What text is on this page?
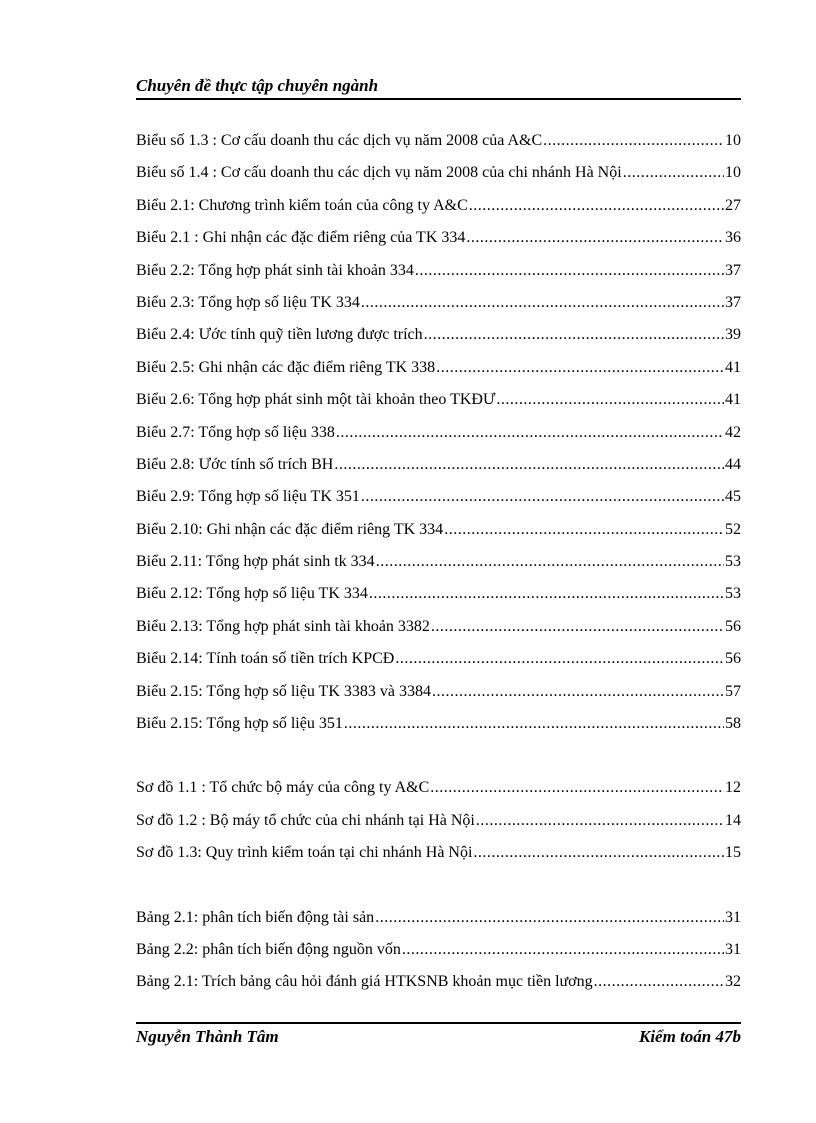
Chuyên đề thực tập chuyên ngành
Biểu số 1.3 : Cơ cấu doanh thu các dịch vụ năm 2008 của A&C .....	10
Biểu số 1.4 : Cơ cấu doanh thu các dịch vụ năm 2008 của chi nhánh Hà Nội .....	10
Biểu 2.1: Chương trình kiểm toán của công ty A&C .....	27
Biểu 2.1 : Ghi nhận các đặc điểm riêng của TK 334 .....	36
Biểu 2.2: Tổng hợp phát sinh tài khoản 334 .....	37
Biểu 2.3: Tổng hợp số liệu TK 334 .....	37
Biểu 2.4: Ước tính quỹ tiền lương được trích .....	39
Biểu 2.5: Ghi nhận các đặc điểm riêng TK 338 .....	41
Biểu 2.6: Tổng hợp phát sinh một tài khoản theo TKĐƯ .....	41
Biểu 2.7: Tổng hợp số liệu 338 .....	42
Biểu 2.8: Ước tính số trích BH .....	44
Biểu 2.9: Tổng hợp số liệu TK 351 .....	45
Biểu 2.10: Ghi nhận các đặc điểm riêng TK 334 .....	52
Biểu 2.11: Tổng hợp phát sinh tk 334 .....	53
Biểu 2.12: Tổng hợp số liệu TK 334 .....	53
Biểu 2.13: Tổng hợp phát sinh tài khoản 3382 .....	56
Biểu 2.14: Tính toán số tiền trích KPCĐ .....	56
Biểu 2.15: Tổng hợp số liệu TK 3383 và 3384 .....	57
Biểu 2.15: Tổng hợp số liệu 351 .....	58
Sơ đồ 1.1 : Tổ chức bộ máy của công ty A&C .....	12
Sơ đồ 1.2 : Bộ máy tổ chức của chi nhánh tại Hà Nội .....	14
Sơ đồ 1.3: Quy trình kiểm toán tại chi nhánh Hà Nội .....	15
Bảng 2.1: phân tích biến động tài sản .....	31
Bảng 2.2: phân tích biến động nguồn vốn .....	31
Bảng 2.1: Trích bảng câu hỏi đánh giá HTKSNB khoản mục tiền lương .....	32
Nguyễn Thành Tâm	Kiểm toán 47b
